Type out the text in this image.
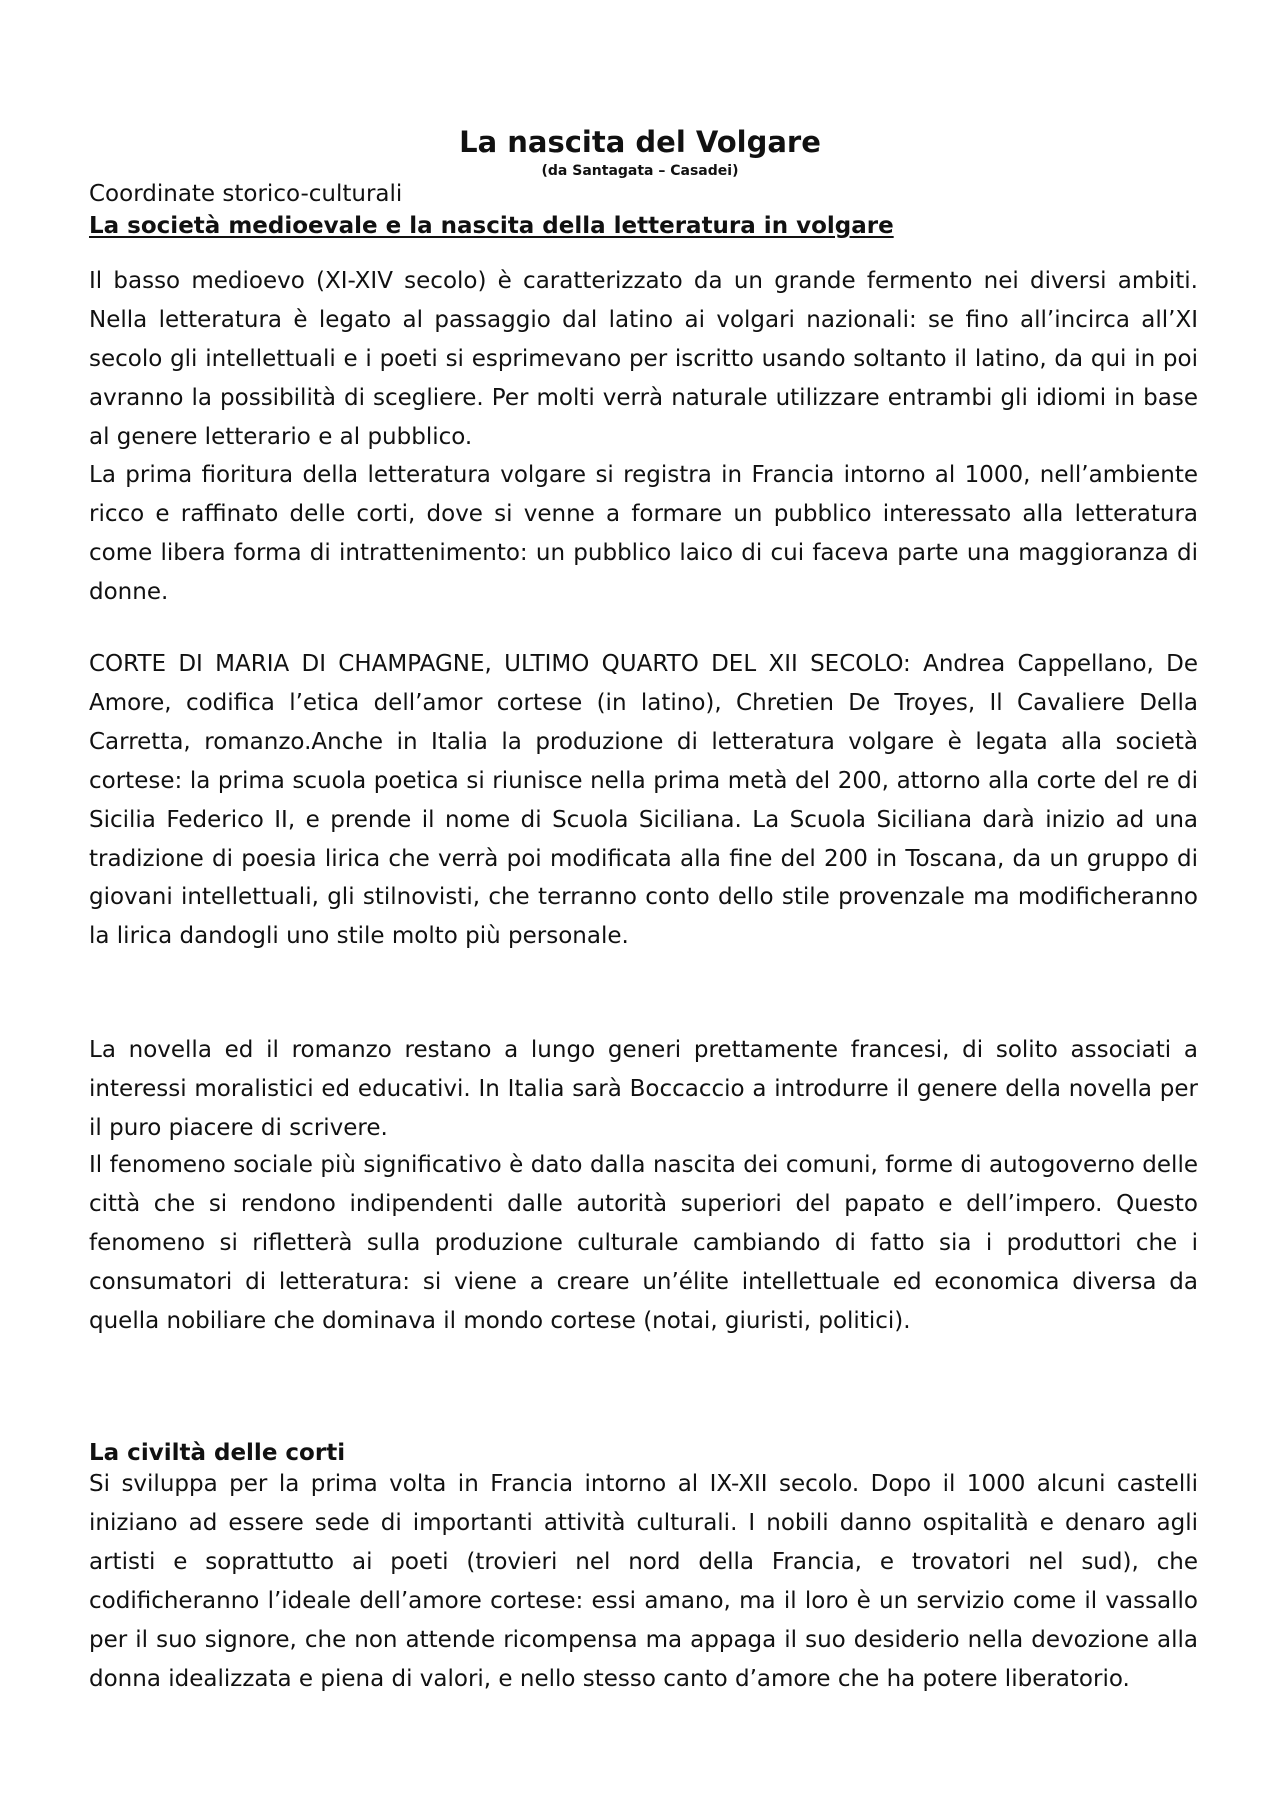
La nascita del Volgare
(da Santagata – Casadei)
Coordinate storico-culturali
La società medioevale e la nascita della letteratura in volgare

Il basso medioevo (XI-XIV secolo) è caratterizzato da un grande fermento nei diversi ambiti. Nella letteratura è legato al passaggio dal latino ai volgari nazionali: se fino all’incirca all’XI secolo gli intellettuali e i poeti si esprimevano per iscritto usando soltanto il latino, da qui in poi avranno la possibilità di scegliere. Per molti verrà naturale utilizzare entrambi gli idiomi in base al genere letterario e al pubblico.

La prima fioritura della letteratura volgare si registra in Francia intorno al 1000, nell’ambiente ricco e raffinato delle corti, dove si venne a formare un pubblico interessato alla letteratura come libera forma di intrattenimento: un pubblico laico di cui faceva parte una maggioranza di donne.

CORTE DI MARIA DI CHAMPAGNE, ULTIMO QUARTO DEL XII SECOLO: Andrea Cappellano, De Amore, codifica l’etica dell’amor cortese (in latino), Chretien De Troyes, Il Cavaliere Della Carretta, romanzo.Anche in Italia la produzione di letteratura volgare è legata alla società cortese: la prima scuola poetica si riunisce nella prima metà del 200, attorno alla corte del re di Sicilia Federico II, e prende il nome di Scuola Siciliana. La Scuola Siciliana darà inizio ad una tradizione di poesia lirica che verrà poi modificata alla fine del 200 in Toscana, da un gruppo di giovani intellettuali, gli stilnovisti, che terranno conto dello stile provenzale ma modificheranno la lirica dandogli uno stile molto più personale.

La novella ed il romanzo restano a lungo generi prettamente francesi, di solito associati a interessi moralistici ed educativi. In Italia sarà Boccaccio a introdurre il genere della novella per il puro piacere di scrivere.

Il fenomeno sociale più significativo è dato dalla nascita dei comuni, forme di autogoverno delle città che si rendono indipendenti dalle autorità superiori del papato e dell’impero. Questo fenomeno si rifletterà sulla produzione culturale cambiando di fatto sia i produttori che i consumatori di letteratura: si viene a creare un’élite intellettuale ed economica diversa da quella nobiliare che dominava il mondo cortese (notai, giuristi, politici).

La civiltà delle corti

Si sviluppa per la prima volta in Francia intorno al IX-XII secolo. Dopo il 1000 alcuni castelli iniziano ad essere sede di importanti attività culturali. I nobili danno ospitalità e denaro agli artisti e soprattutto ai poeti (trovieri nel nord della Francia, e trovatori nel sud), che codificheranno l’ideale dell’amore cortese: essi amano, ma il loro è un servizio come il vassallo per il suo signore, che non attende ricompensa ma appaga il suo desiderio nella devozione alla donna idealizzata e piena di valori, e nello stesso canto d’amore che ha potere liberatorio.
